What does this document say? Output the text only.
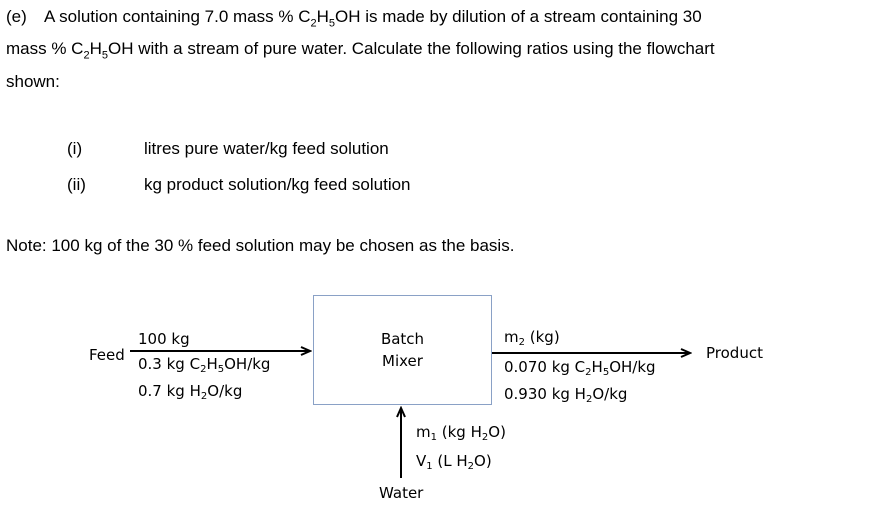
(e) A solution containing 7.0 mass % $C_2H_5OH$ is made by dilution of a stream containing 30
mass % $C_2H_5OH$ with a stream of pure water. Calculate the following ratios using the flowchart
shown:

(i)	litres pure water/kg feed solution
(ii)	kg product solution/kg feed solution
Note: 100 kg of the 30 % feed solution may be chosen as the basis.
Batch
Mixer
Feed
100 kg
0.3 kg $C_2H_5OH/kg$
0.7 kg $H_2O/kg$
$m_2$ (kg)
0.070 kg $C_2H_5OH/kg$
0.930 kg $H_2O/kg$
Product
$m_1$ (kg $H_2O$)
$V_1$ (L $H_2O$)
Water
